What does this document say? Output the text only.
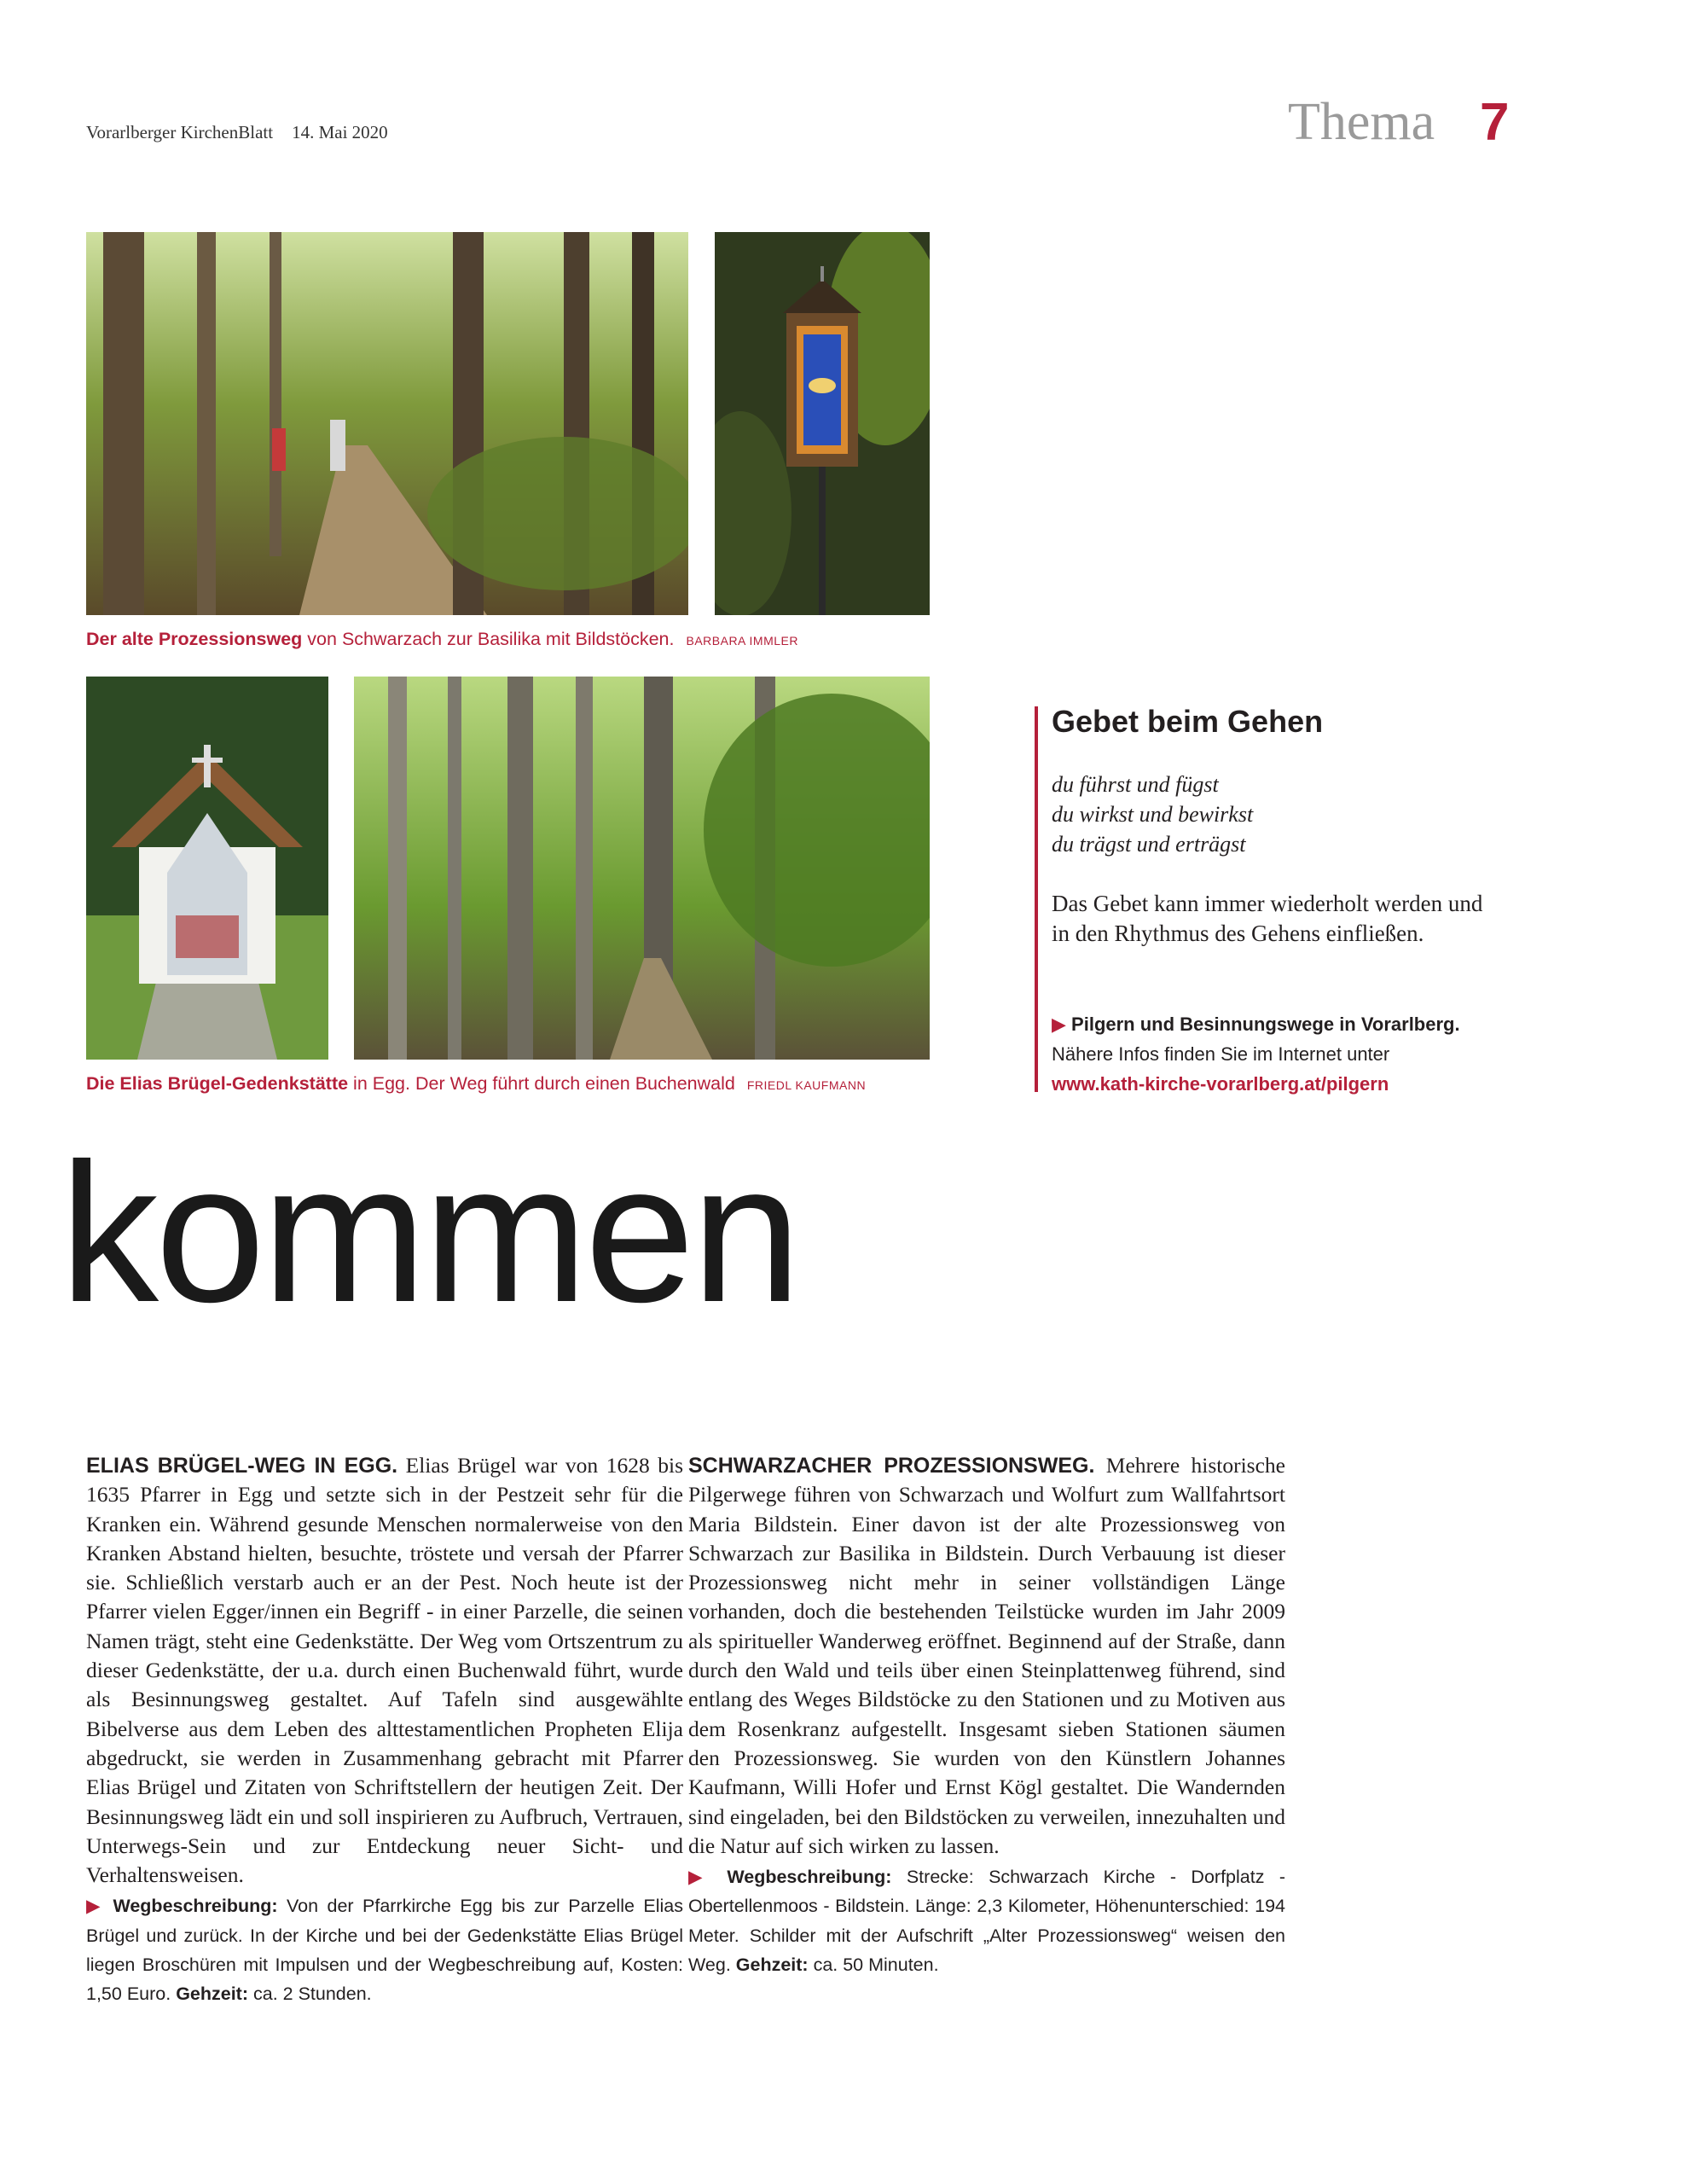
Vorarlberger KirchenBlatt 14. Mai 2020	Thema 7
Der alte Prozessionsweg von Schwarzach zur Basilika mit Bildstöcken. BARBARA IMMLER
Die Elias Brügel-Gedenkstätte in Egg. Der Weg führt durch einen Buchenwald FRIEDL KAUFMANN
Gebet beim Gehen
du führst und fügst
du wirkst und bewirkst
du trägst und erträgst
Das Gebet kann immer wiederholt werden und in den Rhythmus des Gehens einfließen.
▶ Pilgern und Besinnungswege in Vorarlberg.
Nähere Infos finden Sie im Internet unter
www.kath-kirche-vorarlberg.at/pilgern
kommen
ELIAS BRÜGEL-WEG IN EGG. Elias Brügel war von 1628 bis 1635 Pfarrer in Egg und setzte sich in der Pestzeit sehr für die Kranken ein. Während gesunde Menschen normalerweise von den Kranken Abstand hielten, besuchte, tröstete und versah der Pfarrer sie. Schließlich verstarb auch er an der Pest. Noch heute ist der Pfarrer vielen Egger/innen ein Begriff - in einer Parzelle, die seinen Namen trägt, steht eine Gedenkstätte. Der Weg vom Ortszentrum zu dieser Gedenkstätte, der u.a. durch einen Buchenwald führt, wurde als Besinnungsweg gestaltet. Auf Tafeln sind ausgewählte Bibelverse aus dem Leben des alttestamentlichen Propheten Elija abgedruckt, sie werden in Zusammenhang gebracht mit Pfarrer Elias Brügel und Zitaten von Schriftstellern der heutigen Zeit. Der Besinnungsweg lädt ein und soll inspirieren zu Aufbruch, Vertrauen, Unterwegs-Sein und zur Entdeckung neuer Sicht- und Verhaltensweisen.
▶ Wegbeschreibung: Von der Pfarrkirche Egg bis zur Parzelle Elias Brügel und zurück. In der Kirche und bei der Gedenkstätte Elias Brügel liegen Broschüren mit Impulsen und der Wegbeschreibung auf, Kosten: 1,50 Euro. Gehzeit: ca. 2 Stunden.
SCHWARZACHER PROZESSIONSWEG. Mehrere historische Pilgerwege führen von Schwarzach und Wolfurt zum Wallfahrtsort Maria Bildstein. Einer davon ist der alte Prozessionsweg von Schwarzach zur Basilika in Bildstein. Durch Verbauung ist dieser Prozessionsweg nicht mehr in seiner vollständigen Länge vorhanden, doch die bestehenden Teilstücke wurden im Jahr 2009 als spiritueller Wanderweg eröffnet. Beginnend auf der Straße, dann durch den Wald und teils über einen Steinplattenweg führend, sind entlang des Weges Bildstöcke zu den Stationen und zu Motiven aus dem Rosenkranz aufgestellt. Insgesamt sieben Stationen säumen den Prozessionsweg. Sie wurden von den Künstlern Johannes Kaufmann, Willi Hofer und Ernst Kögl gestaltet. Die Wandernden sind eingeladen, bei den Bildstöcken zu verweilen, innezuhalten und die Natur auf sich wirken zu lassen.
▶ Wegbeschreibung: Strecke: Schwarzach Kirche - Dorfplatz - Obertellenmoos - Bildstein. Länge: 2,3 Kilometer, Höhenunterschied: 194 Meter. Schilder mit der Aufschrift „Alter Prozessionsweg“ weisen den Weg. Gehzeit: ca. 50 Minuten.
